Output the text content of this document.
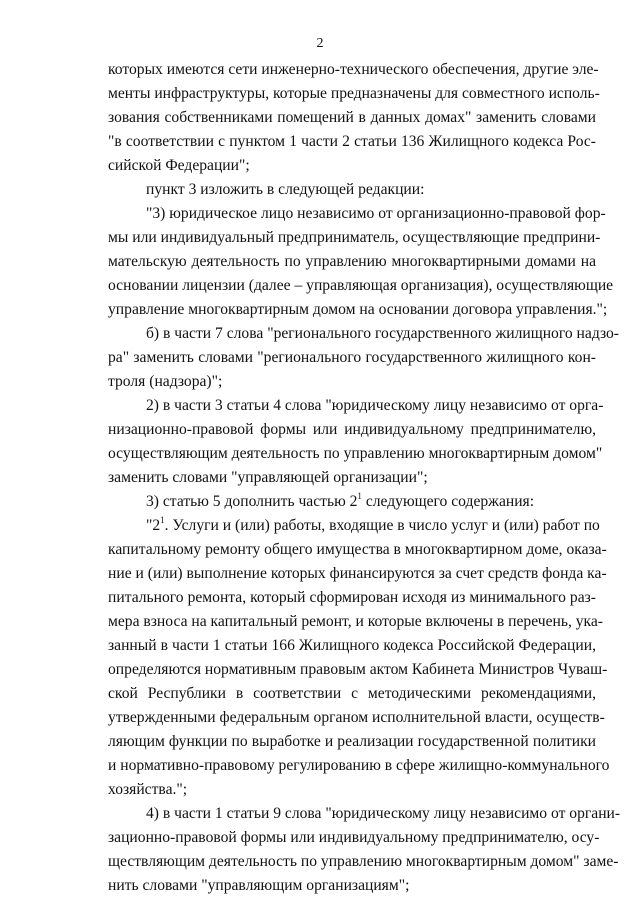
2
которых имеются сети инженерно-технического обеспечения, другие эле-
менты инфраструктуры, которые предназначены для совместного исполь-
зования собственниками помещений в данных домах" заменить словами
"в соответствии с пунктом 1 части 2 статьи 136 Жилищного кодекса Рос-
сийской Федерации";
пункт 3 изложить в следующей редакции:
"3) юридическое лицо независимо от организационно-правовой фор-
мы или индивидуальный предприниматель, осуществляющие предприни-
мательскую деятельность по управлению многоквартирными домами на
основании лицензии (далее – управляющая организация), осуществляющие
управление многоквартирным домом на основании договора управления.";
б) в части 7 слова "регионального государственного жилищного надзо-
ра" заменить словами "регионального государственного жилищного кон-
троля (надзора)";
2) в части 3 статьи 4 слова "юридическому лицу независимо от орга-
низационно-правовой формы или индивидуальному предпринимателю,
осуществляющим деятельность по управлению многоквартирным домом"
заменить словами "управляющей организации";
3) статью 5 дополнить частью $2^1$ следующего содержания:
"$2^1$. Услуги и (или) работы, входящие в число услуг и (или) работ по
капитальному ремонту общего имущества в многоквартирном доме, оказа-
ние и (или) выполнение которых финансируются за счет средств фонда ка-
питального ремонта, который сформирован исходя из минимального раз-
мера взноса на капитальный ремонт, и которые включены в перечень, ука-
занный в части 1 статьи 166 Жилищного кодекса Российской Федерации,
определяются нормативным правовым актом Кабинета Министров Чуваш-
ской Республики в соответствии с методическими рекомендациями,
утвержденными федеральным органом исполнительной власти, осуществ-
ляющим функции по выработке и реализации государственной политики
и нормативно-правовому регулированию в сфере жилищно-коммунального
хозяйства.";
4) в части 1 статьи 9 слова "юридическому лицу независимо от органи-
зационно-правовой формы или индивидуальному предпринимателю, осу-
ществляющим деятельность по управлению многоквартирным домом" заме-
нить словами "управляющим организациям";
